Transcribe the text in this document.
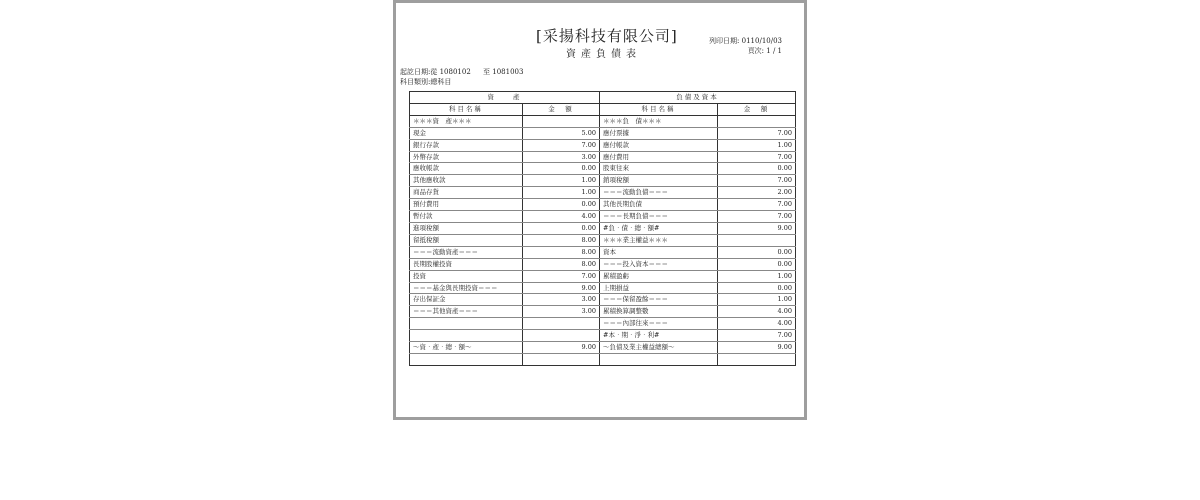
[采揚科技有限公司]
資產負債表
列印日期: 0110/10/03
頁次: 1 / 1
起訖日期:從 1080102 至 1081003
科目類別:總科目
資　　產		負債及資本	
科目名稱	金　額	科目名稱	金　額
＊＊＊資　產＊＊＊		＊＊＊負　債＊＊＊	
現金	5.00	應付票據	7.00
銀行存款	7.00	應付帳款	1.00
外幣存款	3.00	應付費用	7.00
應收帳款	0.00	股東往來	0.00
其他應收款	1.00	銷項稅額	7.00
商品存貨	1.00	＝＝＝流動負債＝＝＝	2.00
預付費用	0.00	其他長期負債	7.00
暫付款	4.00	＝＝＝長期負債＝＝＝	7.00
進項稅額	0.00	#負‧債‧總‧額#	9.00
留抵稅額	8.00	＊＊＊業主權益＊＊＊	
＝＝＝流動資產＝＝＝	8.00	資本	0.00
長期股權投資	8.00	＝＝＝投入資本＝＝＝	0.00
投資	7.00	累積盈虧	1.00
＝＝＝基金與長期投資＝＝＝	9.00	上期損益	0.00
存出保証金	3.00	＝＝＝保留盈餘＝＝＝	1.00
＝＝＝其他資產＝＝＝	3.00	累積換算調整數	4.00
		＝＝＝內部往來＝＝＝	4.00
		#本‧期‧淨‧利#	7.00
～資‧產‧總‧額～	9.00	～負債及業主權益總額～	9.00
